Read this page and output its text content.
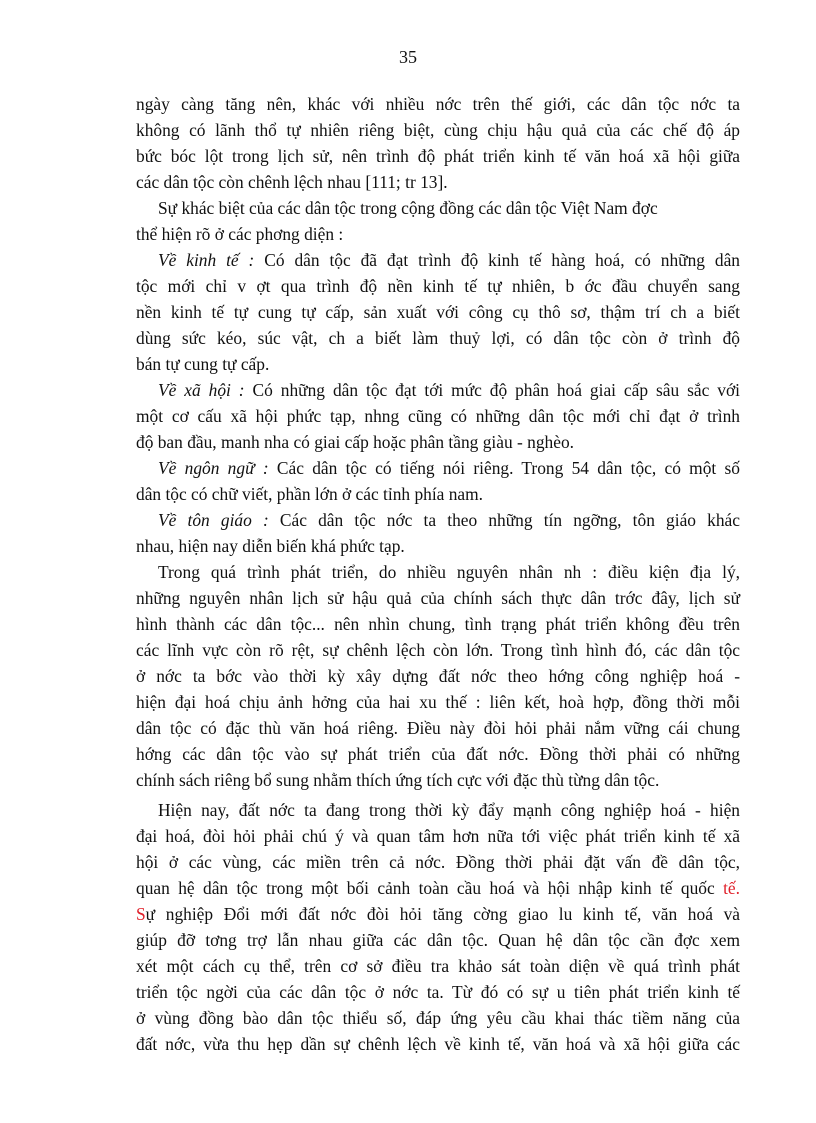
35
ngày càng tăng nên, khác với nhiều nớc trên thế giới, các dân tộc nớc ta
không có lãnh thổ tự nhiên riêng biệt, cùng chịu hậu quả của các chế độ áp
bức bóc lột trong lịch sử, nên trình độ phát triển kinh tế văn hoá xã hội giữa
các dân tộc còn chênh lệch nhau [111; tr 13].
Sự khác biệt của các dân tộc trong cộng đồng các dân tộc Việt Nam đợc
thể hiện rõ ở các phơng diện :
Về kinh tế : Có dân tộc đã đạt trình độ kinh tế hàng hoá, có những dân
tộc mới chỉ v ợt qua trình độ nền kinh tế tự nhiên, b ớc đầu chuyển sang
nền kinh tế tự cung tự cấp, sản xuất với công cụ thô sơ, thậm trí ch a biết
dùng sức kéo, súc vật, ch a biết làm thuỷ lợi, có dân tộc còn ở trình độ
bán tự cung tự cấp.
Về xã hội : Có những dân tộc đạt tới mức độ phân hoá giai cấp sâu sắc với
một cơ cấu xã hội phức tạp, nhng cũng có những dân tộc mới chỉ đạt ở trình
độ ban đầu, manh nha có giai cấp hoặc phân tầng giàu - nghèo.
Về ngôn ngữ : Các dân tộc có tiếng nói riêng. Trong 54 dân tộc, có một số
dân tộc có chữ viết, phần lớn ở các tỉnh phía nam.
Về tôn giáo : Các dân tộc nớc ta theo những tín ngỡng, tôn giáo khác
nhau, hiện nay diễn biến khá phức tạp.
Trong quá trình phát triển, do nhiều nguyên nhân nh : điều kiện địa lý,
những nguyên nhân lịch sử hậu quả của chính sách thực dân trớc đây, lịch sử
hình thành các dân tộc... nên nhìn chung, tình trạng phát triển không đều trên
các lĩnh vực còn rõ rệt, sự chênh lệch còn lớn. Trong tình hình đó, các dân tộc
ở nớc ta bớc vào thời kỳ xây dựng đất nớc theo hớng công nghiệp hoá -
hiện đại hoá chịu ảnh hởng của hai xu thế : liên kết, hoà hợp, đồng thời mỗi
dân tộc có đặc thù văn hoá riêng. Điều này đòi hỏi phải nắm vững cái chung
hớng các dân tộc vào sự phát triển của đất nớc. Đồng thời phải có những
chính sách riêng bổ sung nhằm thích ứng tích cực với đặc thù từng dân tộc.
Hiện nay, đất nớc ta đang trong thời kỳ đẩy mạnh công nghiệp hoá - hiện
đại hoá, đòi hỏi phải chú ý và quan tâm hơn nữa tới việc phát triển kinh tế xã
hội ở các vùng, các miền trên cả nớc. Đồng thời phải đặt vấn đề dân tộc,
quan hệ dân tộc trong một bối cảnh toàn cầu hoá và hội nhập kinh tế quốc tế.
Sự nghiệp Đổi mới đất nớc đòi hỏi tăng cờng giao lu kinh tế, văn hoá và
giúp đỡ tơng trợ lẫn nhau giữa các dân tộc. Quan hệ dân tộc cần đợc xem
xét một cách cụ thể, trên cơ sở điều tra khảo sát toàn diện về quá trình phát
triển tộc ngời của các dân tộc ở nớc ta. Từ đó có sự u tiên phát triển kinh tế
ở vùng đồng bào dân tộc thiểu số, đáp ứng yêu cầu khai thác tiềm năng của
đất nớc, vừa thu hẹp dần sự chênh lệch về kinh tế, văn hoá và xã hội giữa các
